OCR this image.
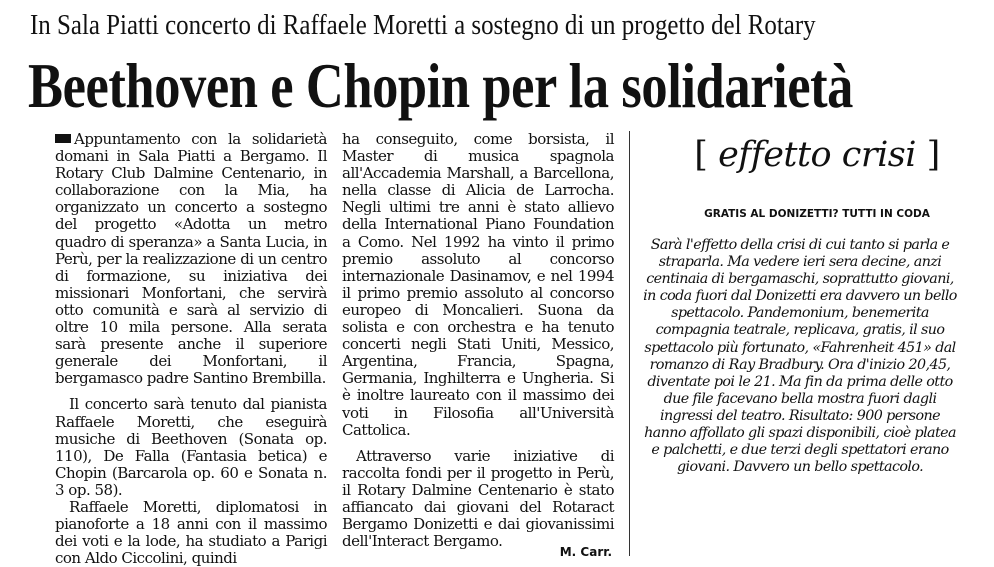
In Sala Piatti concerto di Raffaele Moretti a sostegno di un progetto del Rotary
Beethoven e Chopin per la solidarietà

Appuntamento con la solidarietà domani in Sala Piatti a Bergamo. Il Rotary Club Dalmine Centenario, in collaborazione con la Mia, ha organizzato un concerto a sostegno del progetto «Adotta un metro quadro di speranza» a Santa Lucia, in Perù, per la realizzazione di un centro di formazione, su iniziativa dei missionari Monfortani, che servirà otto comunità e sarà al servizio di oltre 10 mila persone. Alla serata sarà presente anche il superiore generale dei Monfortani, il bergamasco padre Santino Brembilla.

Il concerto sarà tenuto dal pianista Raffaele Moretti, che eseguirà musiche di Beethoven (Sonata op. 110), De Falla (Fantasia betica) e Chopin (Barcarola op. 60 e Sonata n. 3 op. 58).

Raffaele Moretti, diplomatosi in pianoforte a 18 anni con il massimo dei voti e la lode, ha studiato a Parigi con Aldo Ciccolini, quindi

ha conseguito, come borsista, il Master di musica spagnola all'Accademia Marshall, a Barcellona, nella classe di Alicia de Larrocha. Negli ultimi tre anni è stato allievo della International Piano Foundation a Como. Nel 1992 ha vinto il primo premio assoluto al concorso internazionale Dasinamov, e nel 1994 il primo premio assoluto al concorso europeo di Moncalieri. Suona da solista e con orchestra e ha tenuto concerti negli Stati Uniti, Messico, Argentina, Francia, Spagna, Germania, Inghilterra e Ungheria. Si è inoltre laureato con il massimo dei voti in Filosofia all'Università Cattolica.

Attraverso varie iniziative di raccolta fondi per il progetto in Perù, il Rotary Dalmine Centenario è stato affiancato dai giovani del Rotaract Bergamo Donizetti e dai giovanissimi dell'Interact Bergamo.

M. Carr.
[ effetto crisi ]
GRATIS AL DONIZETTI? TUTTI IN CODA
Sarà l'effetto della crisi di cui tanto si parla e straparla. Ma vedere ieri sera decine, anzi centinaia di bergamaschi, soprattutto giovani, in coda fuori dal Donizetti era davvero un bello spettacolo. Pandemonium, benemerita compagnia teatrale, replicava, gratis, il suo spettacolo più fortunato, «Fahrenheit 451» dal romanzo di Ray Bradbury. Ora d'inizio 20,45, diventate poi le 21. Ma fin da prima delle otto due file facevano bella mostra fuori dagli ingressi del teatro. Risultato: 900 persone hanno affollato gli spazi disponibili, cioè platea e palchetti, e due terzi degli spettatori erano giovani. Davvero un bello spettacolo.
